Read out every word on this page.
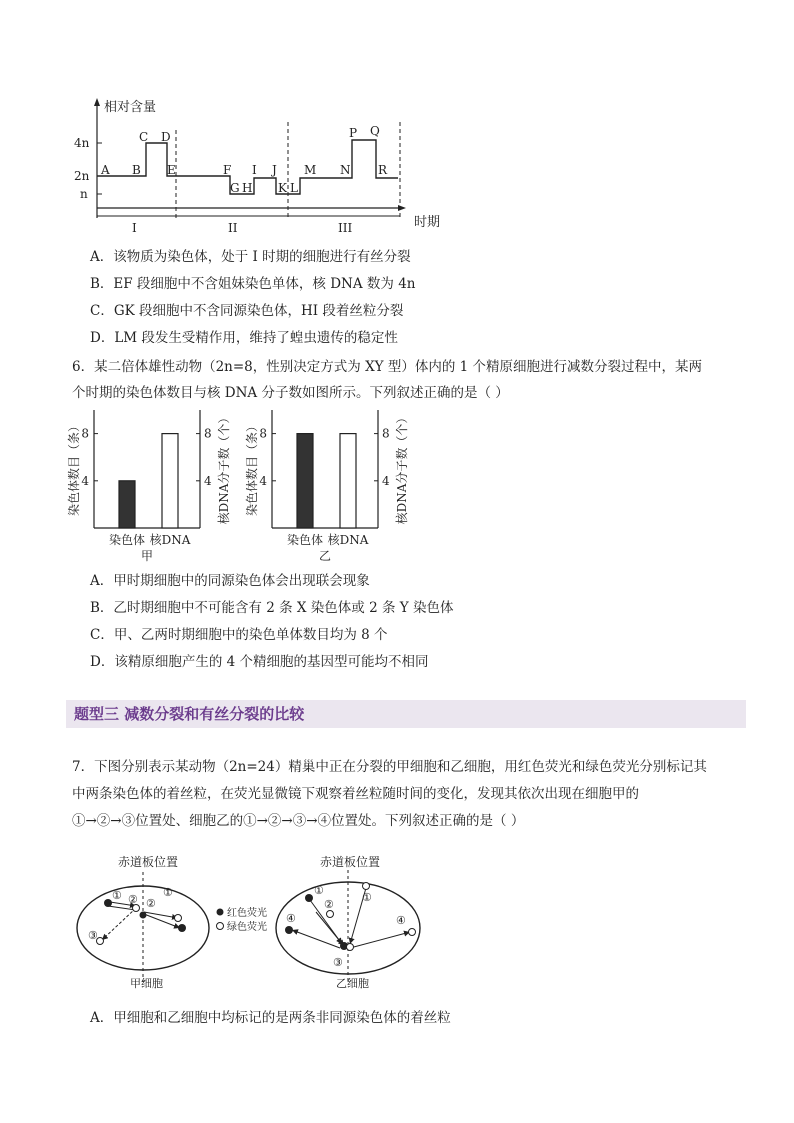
相对含量
时期
4n
2n
n
I	II	III
A B
C D
E	F
G H
I J
K L
M N
P Q
R
A．该物质为染色体，处于 I 时期的细胞进行有丝分裂
B．EF 段细胞中不含姐妹染色单体，核 DNA 数为 4n
C．GK 段细胞中不含同源染色体，HI 段着丝粒分裂
D．LM 段发生受精作用，维持了蝗虫遗传的稳定性
6．某二倍体雄性动物（2n=8，性别决定方式为 XY 型）体内的 1 个精原细胞进行减数分裂过程中，某两
个时期的染色体数目与核 DNA 分子数如图所示。下列叙述正确的是（ ）
染色体数目（条）	核DNA分子数（个）
4	4
8	8
染色体 核DNA
甲
染色体数目（条）	核DNA分子数（个）
4	4
8	8
染色体 核DNA
乙
A．甲时期细胞中的同源染色体会出现联会现象
B．乙时期细胞中不可能含有 2 条 X 染色体或 2 条 Y 染色体
C．甲、乙两时期细胞中的染色单体数目均为 8 个
D．该精原细胞产生的 4 个精细胞的基因型可能均不相同
题型三 减数分裂和有丝分裂的比较
7．下图分别表示某动物（2n=24）精巢中正在分裂的甲细胞和乙细胞，用红色荧光和绿色荧光分别标记其
中两条染色体的着丝粒，在荧光显微镜下观察着丝粒随时间的变化，发现其依次出现在细胞甲的
①→②→③位置处、细胞乙的①→②→③→④位置处。下列叙述正确的是（ ）
赤道板位置
①	①
② ②
③
甲细胞
红色荧光
绿色荧光
赤道板位置
①
①
②
③
④	④
乙细胞
A．甲细胞和乙细胞中均标记的是两条非同源染色体的着丝粒
